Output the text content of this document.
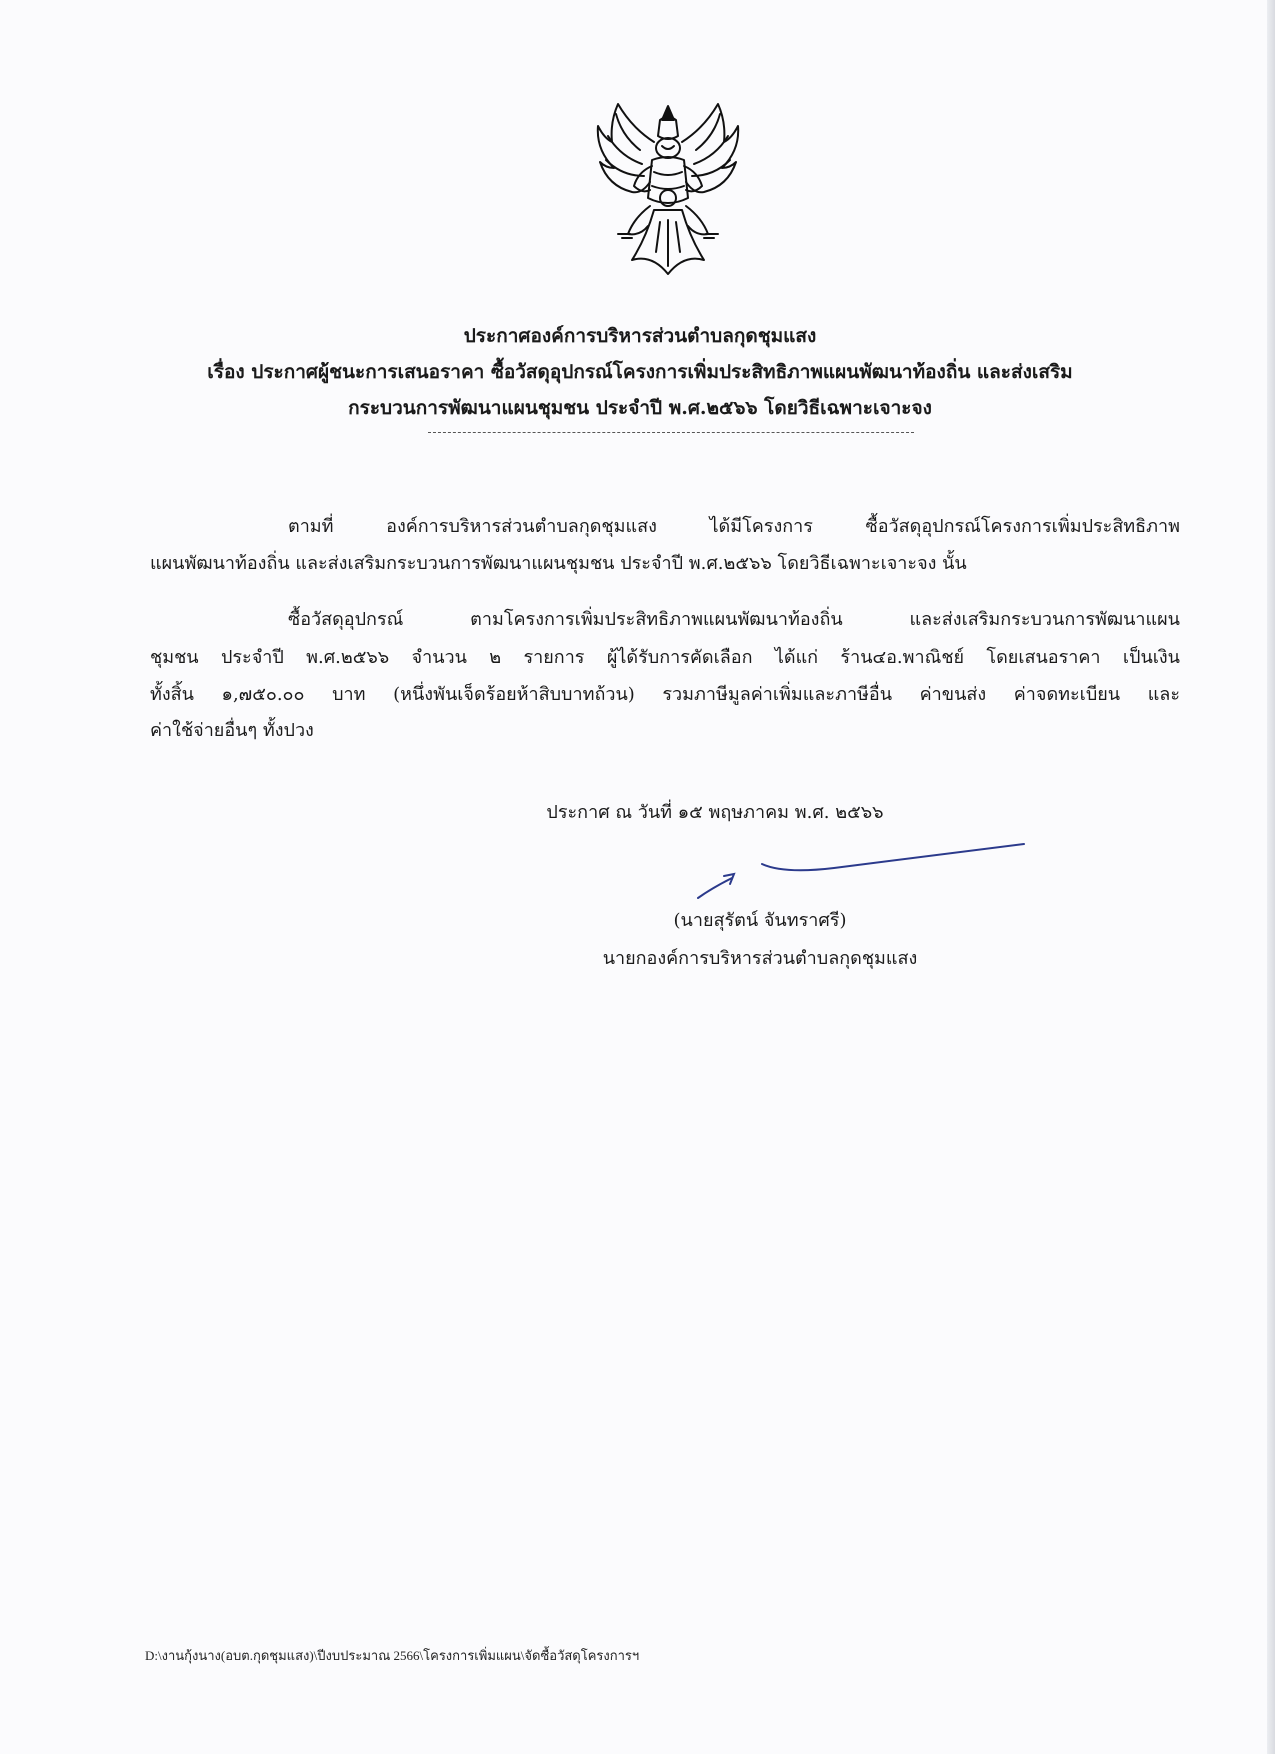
ประกาศองค์การบริหารส่วนตำบลกุดชุมแสง
เรื่อง ประกาศผู้ชนะการเสนอราคา ซื้อวัสดุอุปกรณ์โครงการเพิ่มประสิทธิภาพแผนพัฒนาท้องถิ่น และส่งเสริม
กระบวนการพัฒนาแผนชุมชน ประจำปี พ.ศ.๒๕๖๖ โดยวิธีเฉพาะเจาะจง
ตามที่ องค์การบริหารส่วนตำบลกุดชุมแสง ได้มีโครงการ ซื้อวัสดุอุปกรณ์โครงการเพิ่มประสิทธิภาพ
แผนพัฒนาท้องถิ่น และส่งเสริมกระบวนการพัฒนาแผนชุมชน ประจำปี พ.ศ.๒๕๖๖ โดยวิธีเฉพาะเจาะจง นั้น
ซื้อวัสดุอุปกรณ์ ตามโครงการเพิ่มประสิทธิภาพแผนพัฒนาท้องถิ่น และส่งเสริมกระบวนการพัฒนาแผน
ชุมชน ประจำปี พ.ศ.๒๕๖๖ จำนวน ๒ รายการ ผู้ได้รับการคัดเลือก ได้แก่ ร้าน๔อ.พาณิชย์ โดยเสนอราคา เป็นเงิน
ทั้งสิ้น ๑,๗๕๐.๐๐ บาท (หนึ่งพันเจ็ดร้อยห้าสิบบาทถ้วน) รวมภาษีมูลค่าเพิ่มและภาษีอื่น ค่าขนส่ง ค่าจดทะเบียน และ
ค่าใช้จ่ายอื่นๆ ทั้งปวง
ประกาศ ณ วันที่ ๑๕ พฤษภาคม พ.ศ. ๒๕๖๖
(นายสุรัตน์ จันทราศรี)
นายกองค์การบริหารส่วนตำบลกุดชุมแสง
D:\งานกุ้งนาง(อบต.กุดชุมแสง)\ปีงบประมาณ 2566\โครงการเพิ่มแผน\จัดซื้อวัสดุโครงการฯ
